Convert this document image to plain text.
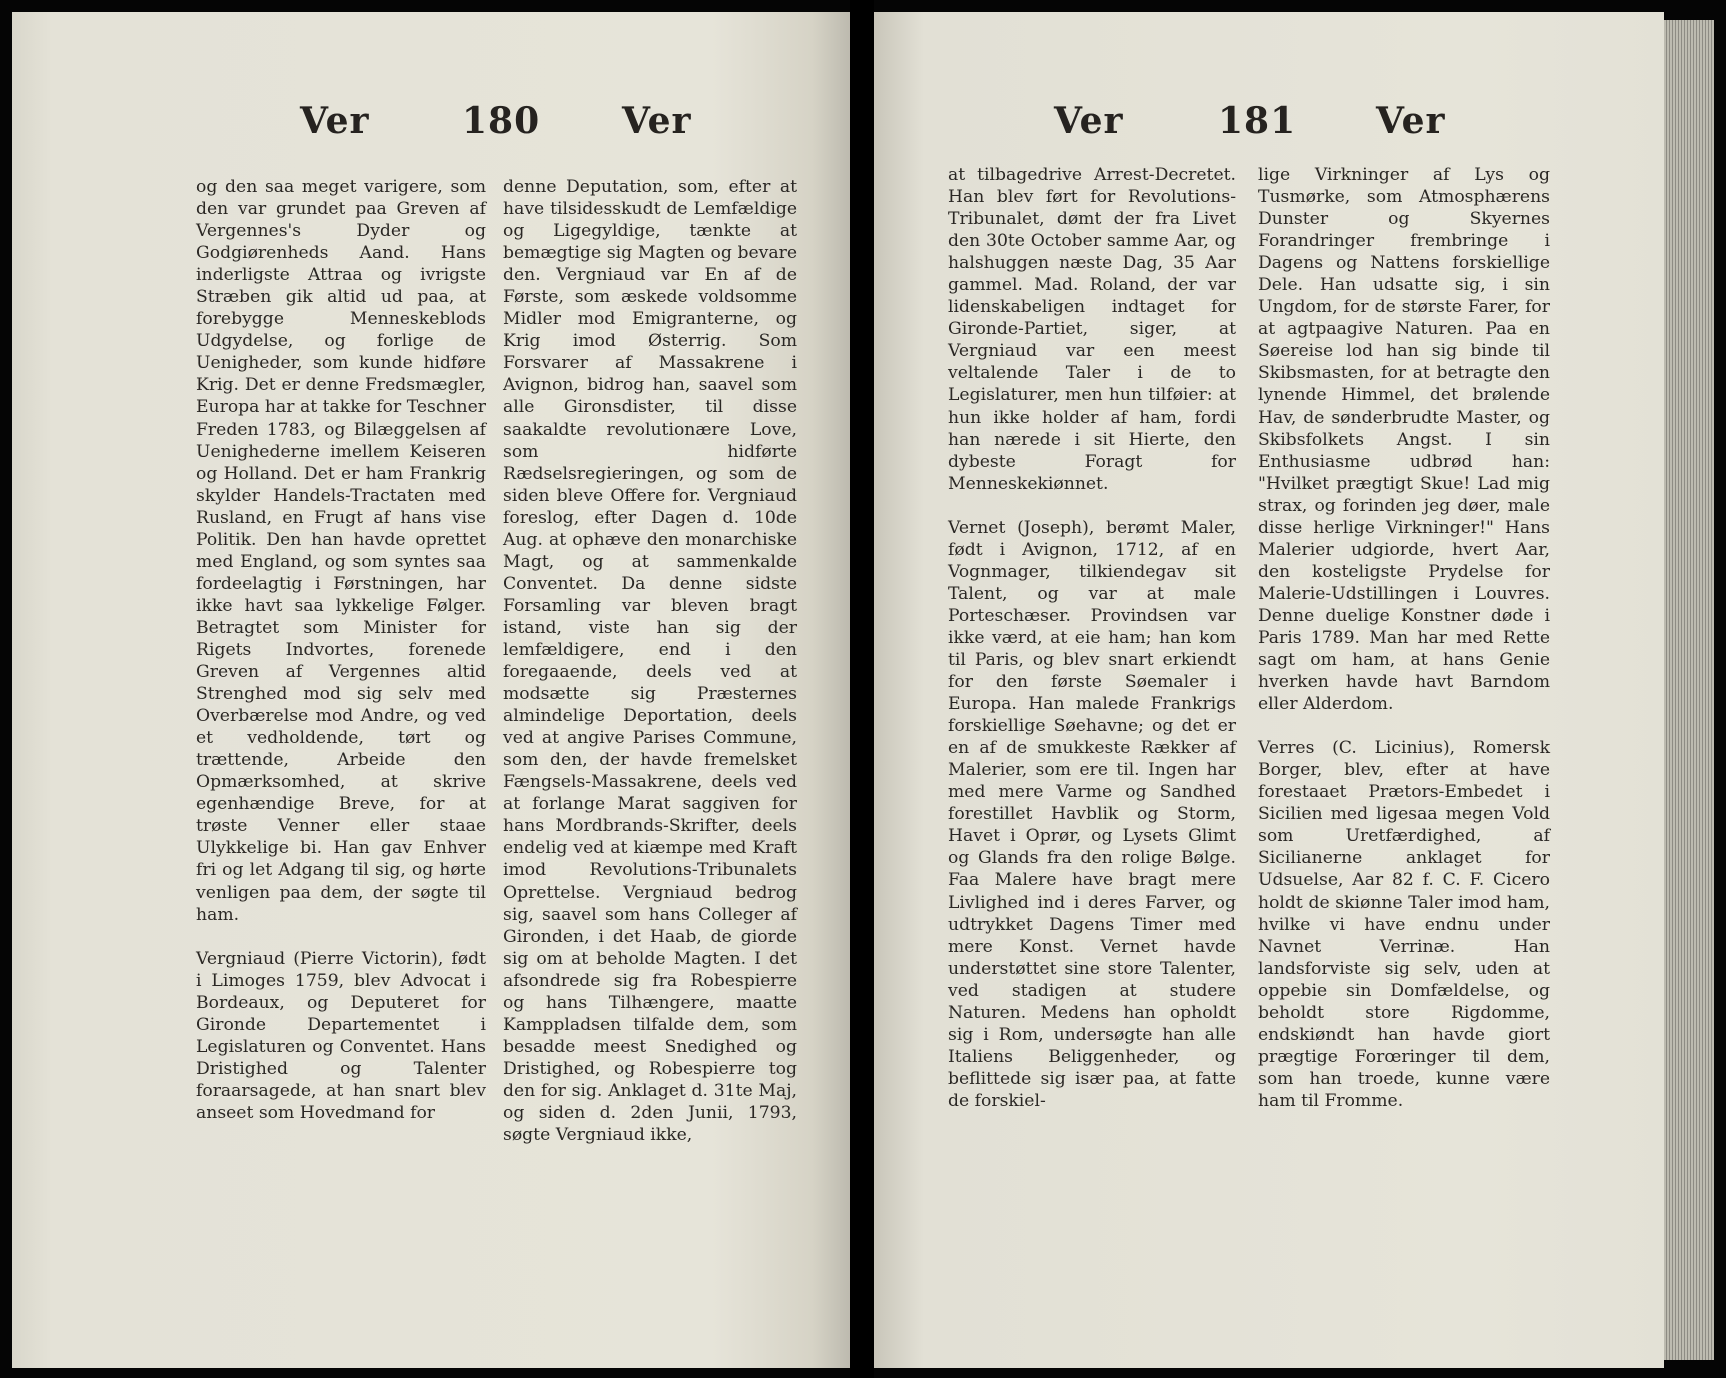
Ver	180 Ver

og den saa meget varigere, som den var grundet paa Greven af Vergennes's Dyder og Godgiørenheds Aand. Hans inderligste Attraa og ivrigste Stræben gik altid ud paa, at forebygge Menneskeblods Udgydelse, og forlige de Uenigheder, som kunde hidføre Krig. Det er denne Fredsmægler, Europa har at takke for Teschner Freden 1783, og Bilæggelsen af Uenighederne imellem Keiseren og Holland. Det er ham Frankrig skylder Handels-Tractaten med Rusland, en Frugt af hans vise Politik. Den han havde oprettet med England, og som syntes saa fordeelagtig i Førstningen, har ikke havt saa lykkelige Følger. Betragtet som Minister for Rigets Indvortes, forenede Greven af Vergennes altid Strenghed mod sig selv med Overbærelse mod Andre, og ved et vedholdende, tørt og trættende, Arbeide den Opmærksomhed, at skrive egenhændige Breve, for at trøste Venner eller staae Ulykkelige bi. Han gav Enhver fri og let Adgang til sig, og hørte venligen paa dem, der søgte til ham.

Vergniaud (Pierre Victorin), født i Limoges 1759, blev Advocat i Bordeaux, og Deputeret for Gironde Departementet i Legislaturen og Conventet. Hans Dristighed og Talenter foraarsagede, at han snart blev anseet som Hovedmand for

denne Deputation, som, efter at have tilsidesskudt de Lemfældige og Ligegyldige, tænkte at bemægtige sig Magten og bevare den. Vergniaud var En af de Første, som æskede voldsomme Midler mod Emigranterne, og Krig imod Østerrig. Som Forsvarer af Massakrene i Avignon, bidrog han, saavel som alle Gironsdister, til disse saakaldte revolutionære Love, som hidførte Rædselsregieringen, og som de siden bleve Offere for. Vergniaud foreslog, efter Dagen d. 10de Aug. at ophæve den monarchiske Magt, og at sammenkalde Conventet. Da denne sidste Forsamling var bleven bragt istand, viste han sig der lemfældigere, end i den foregaaende, deels ved at modsætte sig Præsternes almindelige Deportation, deels ved at angive Parises Commune, som den, der havde fremelsket Fængsels-Massakrene, deels ved at forlange Marat saggiven for hans Mordbrands-Skrifter, deels endelig ved at kiæmpe med Kraft imod Revolutions-Tribunalets Oprettelse. Vergniaud bedrog sig, saavel som hans Colleger af Gironden, i det Haab, de giorde sig om at beholde Magten. I det afsondrede sig fra Robespierre og hans Tilhængere, maatte Kamppladsen tilfalde dem, som besadde meest Snedighed og Dristighed, og Robespierre tog den for sig. Anklaget d. 31te Maj, og siden d. 2den Junii, 1793, søgte Vergniaud ikke,

Ver	181 Ver

at tilbagedrive Arrest-Decretet. Han blev ført for Revolutions-Tribunalet, dømt der fra Livet den 30te October samme Aar, og halshuggen næste Dag, 35 Aar gammel. Mad. Roland, der var lidenskabeligen indtaget for Gironde-Partiet, siger, at Vergniaud var een meest veltalende Taler i de to Legislaturer, men hun tilføier: at hun ikke holder af ham, fordi han nærede i sit Hierte, den dybeste Foragt for Menneskekiønnet.

Vernet (Joseph), berømt Maler, født i Avignon, 1712, af en Vognmager, tilkiendegav sit Talent, og var at male Porteschæser. Provindsen var ikke værd, at eie ham; han kom til Paris, og blev snart erkiendt for den første Søemaler i Europa. Han malede Frankrigs forskiellige Søehavne; og det er en af de smukkeste Rækker af Malerier, som ere til. Ingen har med mere Varme og Sandhed forestillet Havblik og Storm, Havet i Oprør, og Lysets Glimt og Glands fra den rolige Bølge. Faa Malere have bragt mere Livlighed ind i deres Farver, og udtrykket Dagens Timer med mere Konst. Vernet havde understøttet sine store Talenter, ved stadigen at studere Naturen. Medens han opholdt sig i Rom, undersøgte han alle Italiens Beliggenheder, og beflittede sig især paa, at fatte de forskiel-

lige Virkninger af Lys og Tusmørke, som Atmosphærens Dunster og Skyernes Forandringer frembringe i Dagens og Nattens forskiellige Dele. Han udsatte sig, i sin Ungdom, for de største Farer, for at agtpaagive Naturen. Paa en Søereise lod han sig binde til Skibsmasten, for at betragte den lynende Himmel, det brølende Hav, de sønderbrudte Master, og Skibsfolkets Angst. I sin Enthusiasme udbrød han: "Hvilket prægtigt Skue! Lad mig strax, og forinden jeg døer, male disse herlige Virkninger!" Hans Malerier udgiorde, hvert Aar, den kosteligste Prydelse for Malerie-Udstillingen i Louvres. Denne duelige Konstner døde i Paris 1789. Man har med Rette sagt om ham, at hans Genie hverken havde havt Barndom eller Alderdom.

Verres (C. Licinius), Romersk Borger, blev, efter at have forestaaet Prætors-Embedet i Sicilien med ligesaa megen Vold som Uretfærdighed, af Sicilianerne anklaget for Udsuelse, Aar 82 f. C. F. Cicero holdt de skiønne Taler imod ham, hvilke vi have endnu under Navnet Verrinæ. Han landsforviste sig selv, uden at oppebie sin Domfældelse, og beholdt store Rigdomme, endskiøndt han havde giort prægtige Forœringer til dem, som han troede, kunne være ham til Fromme.
